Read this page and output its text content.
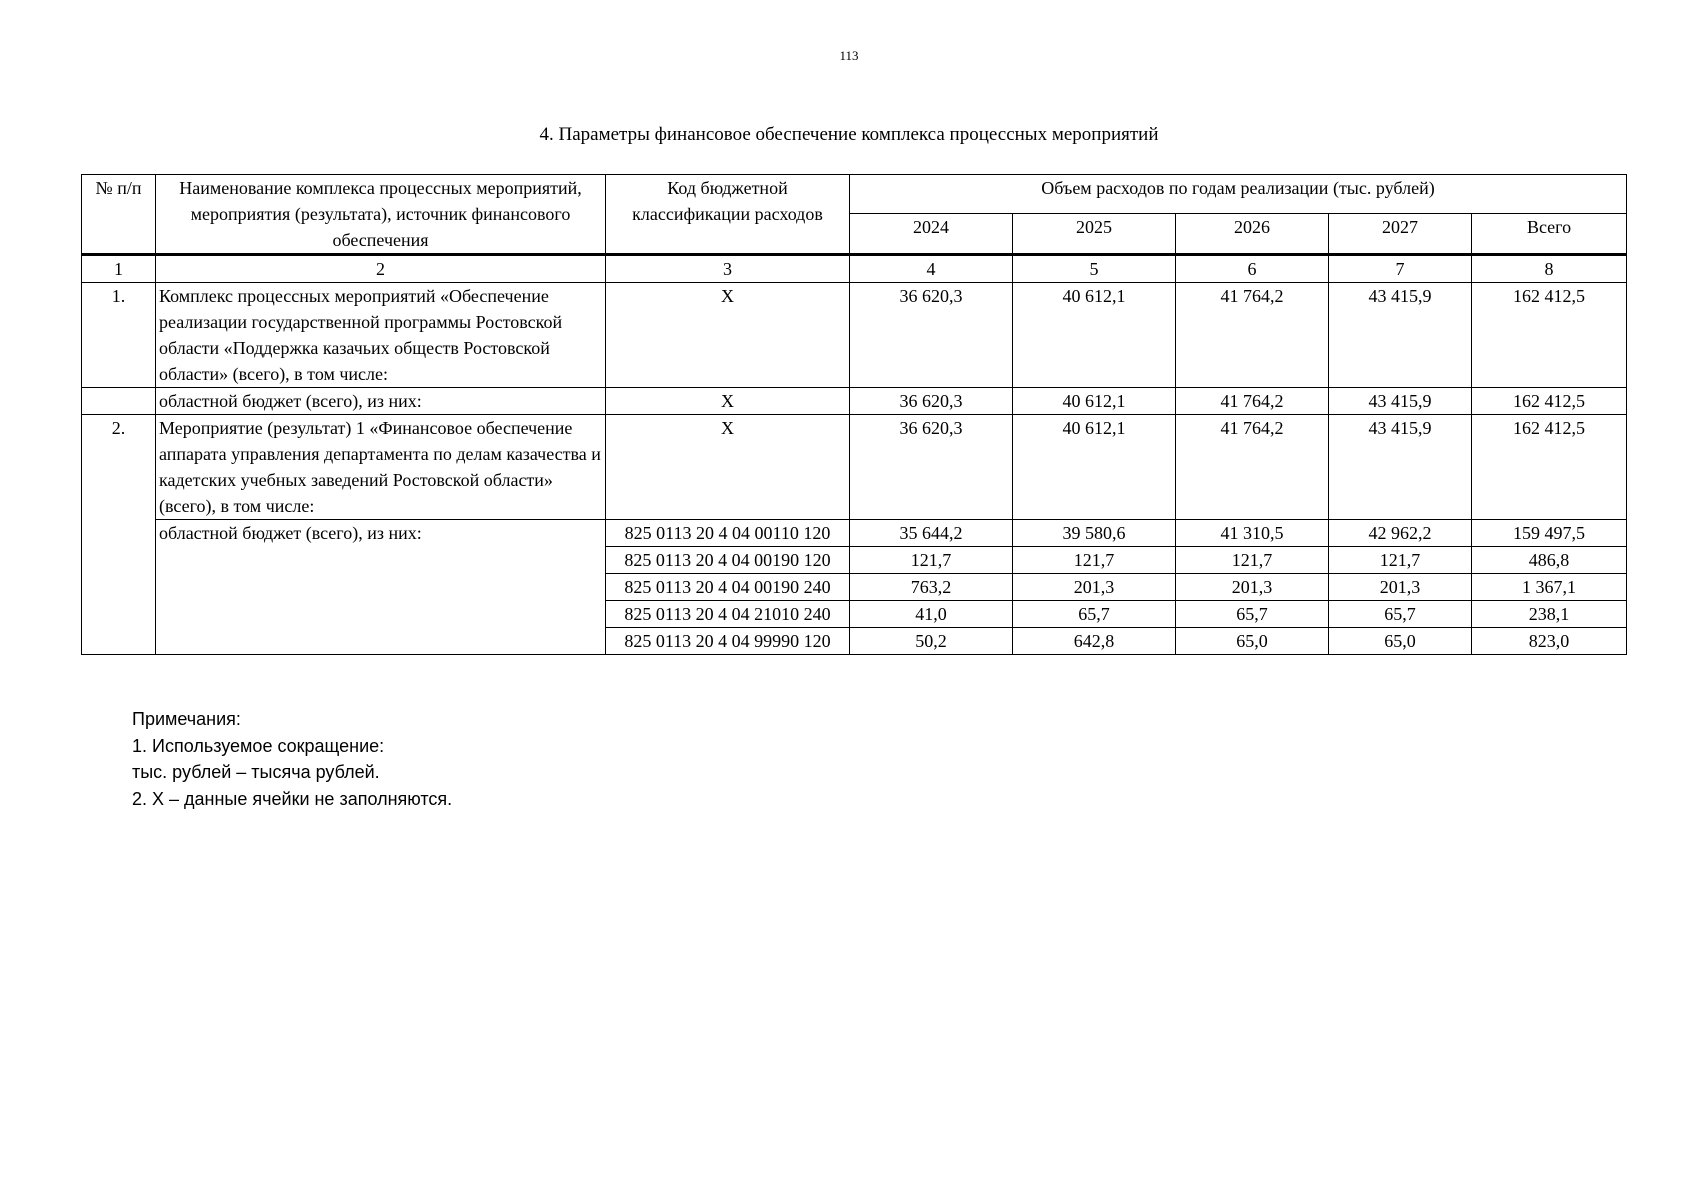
113
4. Параметры финансовое обеспечение комплекса процессных мероприятий
№ п/п	Наименование комплекса процессных мероприятий, мероприятия (результата), источник финансового обеспечения	Код бюджетной классификации расходов	Объем расходов по годам реализации (тыс. рублей)				
			2024	2025	2026	2027	Всего
1	2	3	4	5	6	7	8
1.	Комплекс процессных мероприятий «Обеспечение реализации государственной программы Ростовской области «Поддержка казачьих обществ Ростовской области» (всего), в том числе:	Х	36 620,3	40 612,1	41 764,2	43 415,9	162 412,5
	областной бюджет (всего), из них:	Х	36 620,3	40 612,1	41 764,2	43 415,9	162 412,5
2.	Мероприятие (результат) 1 «Финансовое обеспечение аппарата управления департамента по делам казачества и кадетских учебных заведений Ростовской области» (всего), в том числе:	Х	36 620,3	40 612,1	41 764,2	43 415,9	162 412,5
	областной бюджет (всего), из них:	825 0113 20 4 04 00110 120	35 644,2	39 580,6	41 310,5	42 962,2	159 497,5
		825 0113 20 4 04 00190 120	121,7	121,7	121,7	121,7	486,8
		825 0113 20 4 04 00190 240	763,2	201,3	201,3	201,3	1 367,1
		825 0113 20 4 04 21010 240	41,0	65,7	65,7	65,7	238,1
		825 0113 20 4 04 99990 120	50,2	642,8	65,0	65,0	823,0
Примечания:
1. Используемое сокращение:
тыс. рублей – тысяча рублей.
2. Х – данные ячейки не заполняются.
